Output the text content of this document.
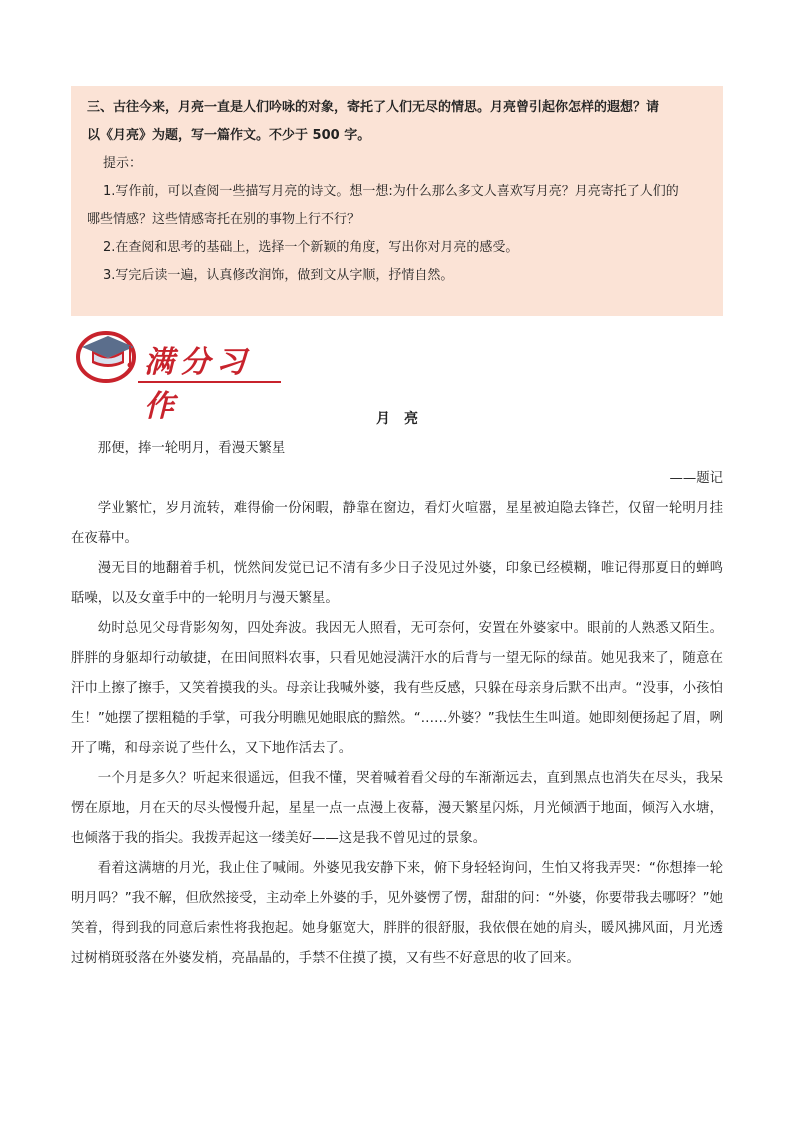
三、古往今来，月亮一直是人们吟咏的对象，寄托了人们无尽的情思。月亮曾引起你怎样的遐想？请
以《月亮》为题，写一篇作文。不少于 500 字。
提示：
1.写作前，可以查阅一些描写月亮的诗文。想一想:为什么那么多文人喜欢写月亮？月亮寄托了人们的
哪些情感？这些情感寄托在别的事物上行不行？
2.在查阅和思考的基础上，选择一个新颖的角度，写出你对月亮的感受。
3.写完后读一遍，认真修改润饰，做到文从字顺，抒情自然。
满分习作	月亮

那便，捧一轮明月，看漫天繁星

——题记

学业繁忙，岁月流转，难得偷一份闲暇，静靠在窗边，看灯火喧嚣，星星被迫隐去锋芒，仅留一轮明月挂在夜幕中。

漫无目的地翻着手机，恍然间发觉已记不清有多少日子没见过外婆，印象已经模糊，唯记得那夏日的蝉鸣聒噪，以及女童手中的一轮明月与漫天繁星。

幼时总见父母背影匆匆，四处奔波。我因无人照看，无可奈何，安置在外婆家中。眼前的人熟悉又陌生。胖胖的身躯却行动敏捷，在田间照料农事，只看见她浸满汗水的后背与一望无际的绿苗。她见我来了，随意在汗巾上擦了擦手，又笑着摸我的头。母亲让我喊外婆，我有些反感，只躲在母亲身后默不出声。“没事，小孩怕生！”她摆了摆粗糙的手掌，可我分明瞧见她眼底的黯然。“……外婆？”我怯生生叫道。她即刻便扬起了眉，咧开了嘴，和母亲说了些什么，又下地作活去了。

一个月是多久？听起来很遥远，但我不懂，哭着喊着看父母的车渐渐远去，直到黑点也消失在尽头，我呆愣在原地，月在天的尽头慢慢升起，星星一点一点漫上夜幕，漫天繁星闪烁，月光倾洒于地面，倾泻入水塘，也倾落于我的指尖。我拨弄起这一缕美好——这是我不曾见过的景象。

看着这满塘的月光，我止住了喊闹。外婆见我安静下来，俯下身轻轻询问，生怕又将我弄哭：“你想捧一轮明月吗？”我不解，但欣然接受，主动牵上外婆的手，见外婆愣了愣，甜甜的问：“外婆，你要带我去哪呀？”她笑着，得到我的同意后索性将我抱起。她身躯宽大，胖胖的很舒服，我依偎在她的肩头，暖风拂风面，月光透过树梢斑驳落在外婆发梢，亮晶晶的，手禁不住摸了摸，又有些不好意思的收了回来。
